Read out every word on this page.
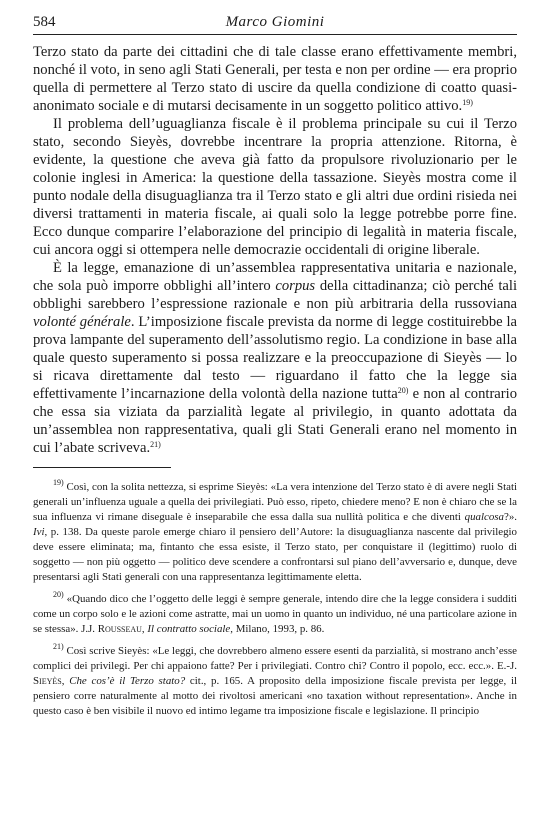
584	Marco Giomini

Terzo stato da parte dei cittadini che di tale classe erano effettivamente membri, nonché il voto, in seno agli Stati Generali, per testa e non per ordine — era proprio quella di permettere al Terzo stato di uscire da quella condizione di coatto quasi-anonimato sociale e di mutarsi decisamente in un soggetto politico attivo.$^{19)}$

Il problema dell’uguaglianza fiscale è il problema principale su cui il Terzo stato, secondo Sieyès, dovrebbe incentrare la propria attenzione. Ritorna, è evidente, la questione che aveva già fatto da propulsore rivoluzionario per le colonie inglesi in America: la questione della tassazione. Sieyès mostra come il punto nodale della disuguaglianza tra il Terzo stato e gli altri due ordini risieda nei diversi trattamenti in materia fiscale, ai quali solo la legge potrebbe porre fine. Ecco dunque comparire l’elaborazione del principio di legalità in materia fiscale, cui ancora oggi si ottempera nelle democrazie occidentali di origine liberale.

È la legge, emanazione di un’assemblea rappresentativa unitaria e nazionale, che sola può imporre obblighi all’intero corpus della cittadinanza; ciò perché tali obblighi sarebbero l’espressione razionale e non più arbitraria della russoviana volonté générale. L’imposizione fiscale prevista da norme di legge costituirebbe la prova lampante del superamento dell’assolutismo regio. La condizione in base alla quale questo superamento si possa realizzare e la preoccupazione di Sieyès — lo si ricava direttamente dal testo — riguardano il fatto che la legge sia effettivamente l’incarnazione della volontà della nazione tutta$^{20)}$ e non al contrario che essa sia viziata da parzialità legate al privilegio, in quanto adottata da un’assemblea non rappresentativa, quali gli Stati Generali erano nel momento in cui l’abate scriveva.$^{21)}$

$^{19)}$ Così, con la solita nettezza, si esprime Sieyès: «La vera intenzione del Terzo stato è di avere negli Stati generali un’influenza uguale a quella dei privilegiati. Può esso, ripeto, chiedere meno? E non è chiaro che se la sua influenza vi rimane diseguale è inseparabile che essa dalla sua nullità politica e che diventi qualcosa?». Ivi, p. 138. Da queste parole emerge chiaro il pensiero dell’Autore: la disuguaglianza nascente dal privilegio deve essere eliminata; ma, fintanto che essa esiste, il Terzo stato, per conquistare il (legittimo) ruolo di soggetto — non più oggetto — politico deve scendere a confrontarsi sul piano dell’avversario e, dunque, deve presentarsi agli Stati generali con una rappresentanza legittimamente eletta.

$^{20)}$ «Quando dico che l’oggetto delle leggi è sempre generale, intendo dire che la legge considera i sudditi come un corpo solo e le azioni come astratte, mai un uomo in quanto un individuo, né una particolare azione in se stessa». J.J. Rousseau, Il contratto sociale, Milano, 1993, p. 86.

$^{21)}$ Così scrive Sieyès: «Le leggi, che dovrebbero almeno essere esenti da parzialità, si mostrano anch’esse complici dei privilegi. Per chi appaiono fatte? Per i privilegiati. Contro chi? Contro il popolo, ecc. ecc.». E.-J. Sieyès, Che cos’è il Terzo stato? cit., p. 165. A proposito della imposizione fiscale prevista per legge, il pensiero corre naturalmente al motto dei rivoltosi americani «no taxation without representation». Anche in questo caso è ben visibile il nuovo ed intimo legame tra imposizione fiscale e legislazione. Il principio
